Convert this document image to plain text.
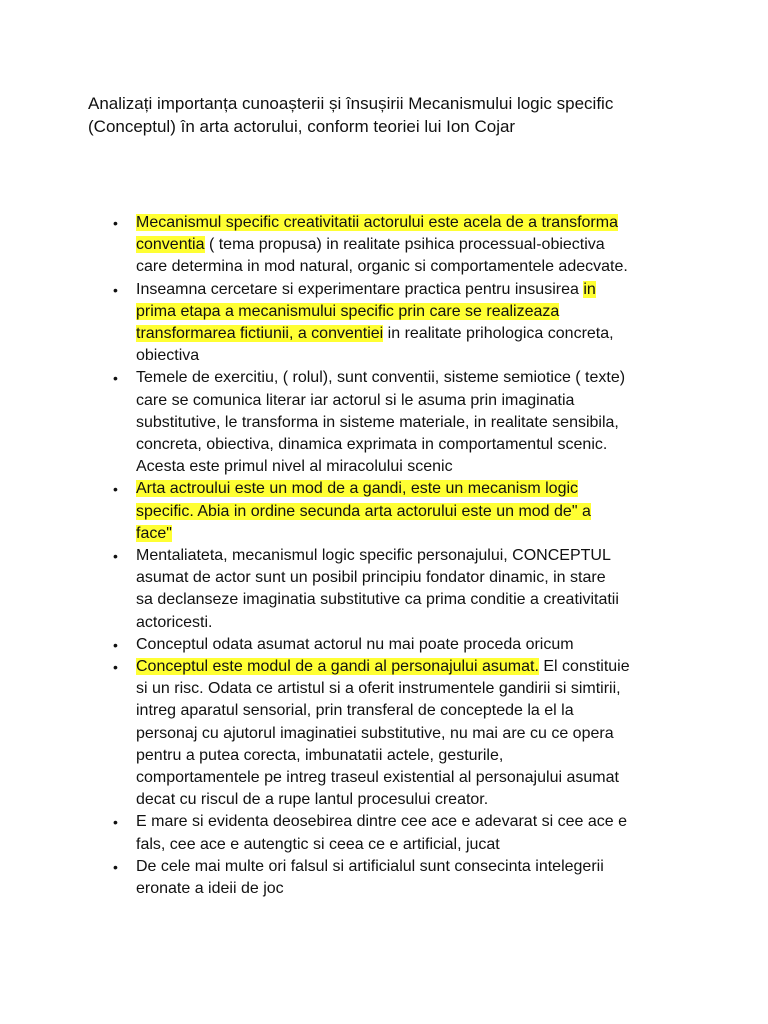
Analizați importanța cunoașterii și însușirii Mecanismului logic specific
(Conceptul) în arta actorului, conform teoriei lui Ion Cojar
• Mecanismul specific creativitatii actorului este acela de a transforma
conventia ( tema propusa) in realitate psihica processual-obiectiva
care determina in mod natural, organic si comportamentele adecvate.
• Inseamna cercetare si experimentare practica pentru insusirea in
prima etapa a mecanismului specific prin care se realizeaza
transformarea fictiunii, a conventiei in realitate prihologica concreta,
obiectiva
• Temele de exercitiu, ( rolul), sunt conventii, sisteme semiotice ( texte)
care se comunica literar iar actorul si le asuma prin imaginatia
substitutive, le transforma in sisteme materiale, in realitate sensibila,
concreta, obiectiva, dinamica exprimata in comportamentul scenic.
Acesta este primul nivel al miracolului scenic
• Arta actroului este un mod de a gandi, este un mecanism logic
specific. Abia in ordine secunda arta actorului este un mod de" a
face"
• Mentaliateta, mecanismul logic specific personajului, CONCEPTUL
asumat de actor sunt un posibil principiu fondator dinamic, in stare
sa declanseze imaginatia substitutive ca prima conditie a creativitatii
actoricesti.
• Conceptul odata asumat actorul nu mai poate proceda oricum
• Conceptul este modul de a gandi al personajului asumat. El constituie
si un risc. Odata ce artistul si a oferit instrumentele gandirii si simtirii,
intreg aparatul sensorial, prin transferal de conceptede la el la
personaj cu ajutorul imaginatiei substitutive, nu mai are cu ce opera
pentru a putea corecta, imbunatatii actele, gesturile,
comportamentele pe intreg traseul existential al personajului asumat
decat cu riscul de a rupe lantul procesului creator.
• E mare si evidenta deosebirea dintre cee ace e adevarat si cee ace e
fals, cee ace e autengtic si ceea ce e artificial, jucat
• De cele mai multe ori falsul si artificialul sunt consecinta intelegerii
eronate a ideii de joc
